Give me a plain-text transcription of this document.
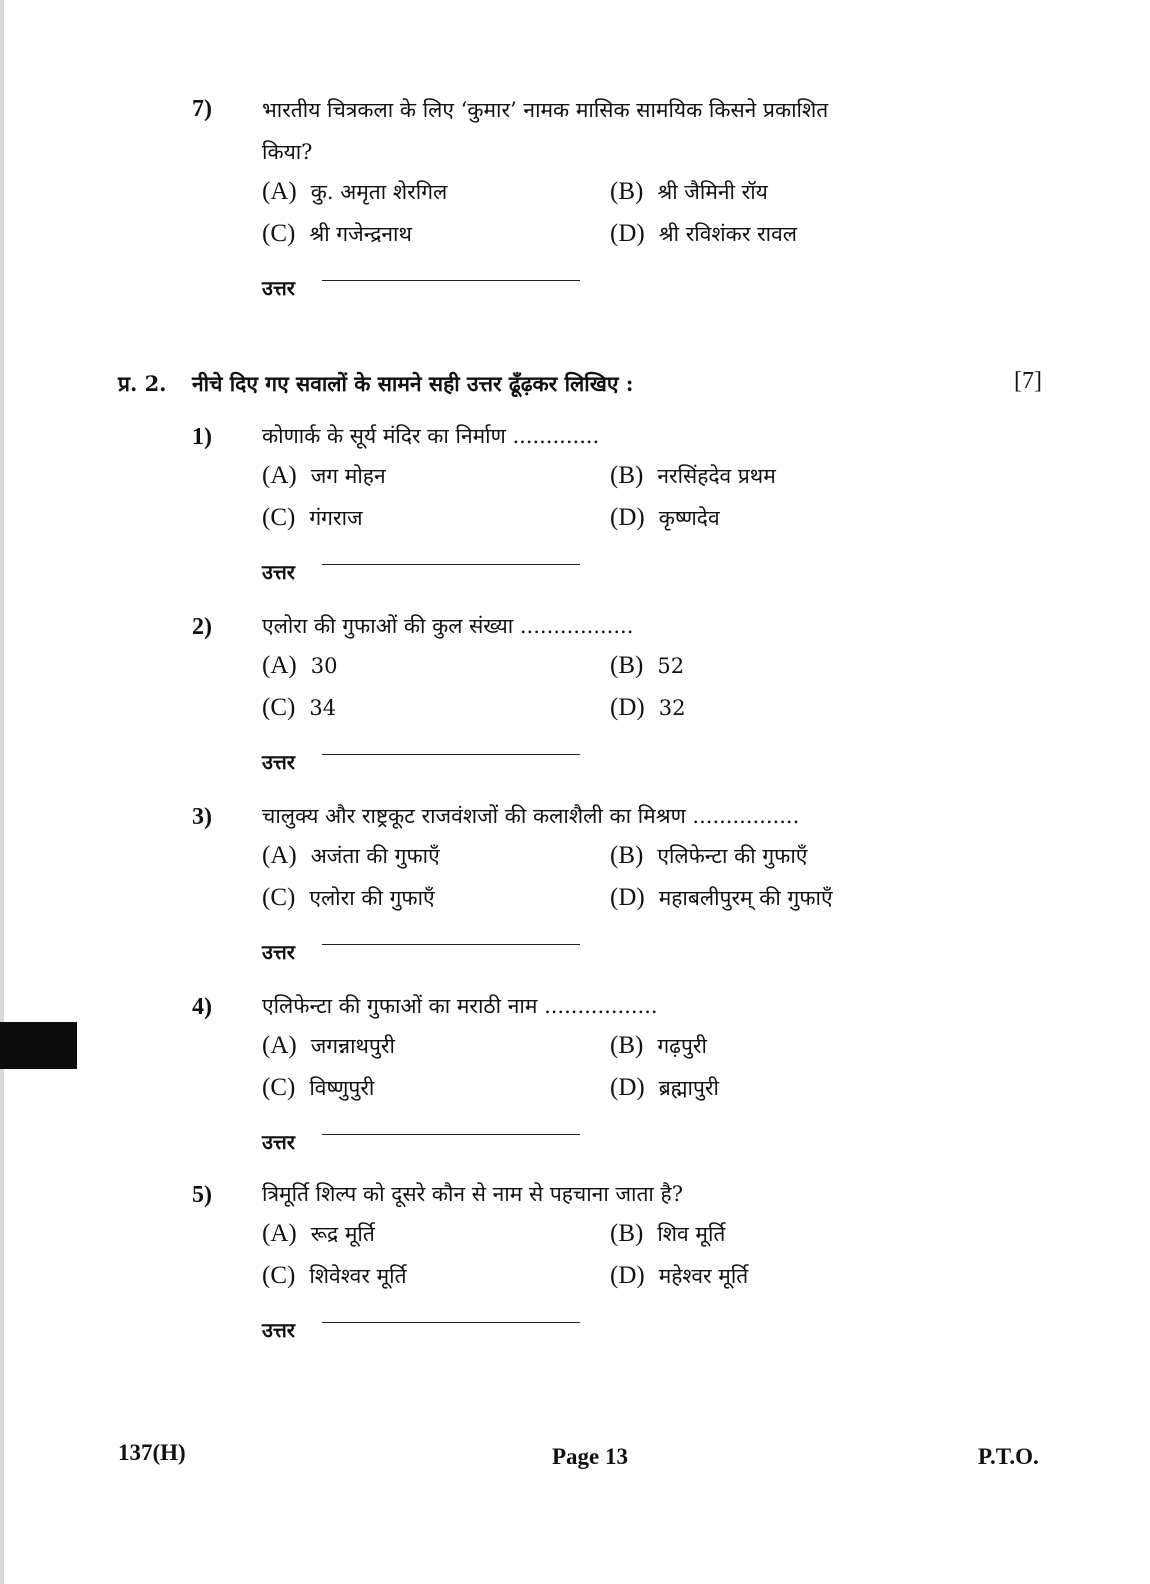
7) भारतीय चित्रकला के लिए ‘कुमार’ नामक मासिक सामयिक किसने प्रकाशित
किया?
(A) कु. अमृता शेरगिल	(B) श्री जैमिनी रॉय
(C) श्री गजेन्द्रनाथ	(D) श्री रविशंकर रावल
उत्तर
प्र. 2. नीचे दिए गए सवालों के सामने सही उत्तर ढूँढ़कर लिखिए :	[7]
1) कोणार्क के सूर्य मंदिर का निर्माण .............
(A) जग मोहन	(B) नरसिंहदेव प्रथम
(C) गंगराज	(D) कृष्णदेव
उत्तर
2) एलोरा की गुफाओं की कुल संख्या .................
(A) 30	(B) 52
(C) 34	(D) 32
उत्तर
3) चालुक्य और राष्ट्रकूट राजवंशजों की कलाशैली का मिश्रण ................
(A) अजंता की गुफाएँ	(B) एलिफेन्टा की गुफाएँ
(C) एलोरा की गुफाएँ	(D) महाबलीपुरम् की गुफाएँ
उत्तर
4) एलिफेन्टा की गुफाओं का मराठी नाम .................
(A) जगन्नाथपुरी	(B) गढ़पुरी
(C) विष्णुपुरी	(D) ब्रह्मापुरी
उत्तर
5) त्रिमूर्ति शिल्प को दूसरे कौन से नाम से पहचाना जाता है?
(A) रूद्र मूर्ति	(B) शिव मूर्ति
(C) शिवेश्वर मूर्ति	(D) महेश्वर मूर्ति
उत्तर
137(H)	Page 13	P.T.O.
